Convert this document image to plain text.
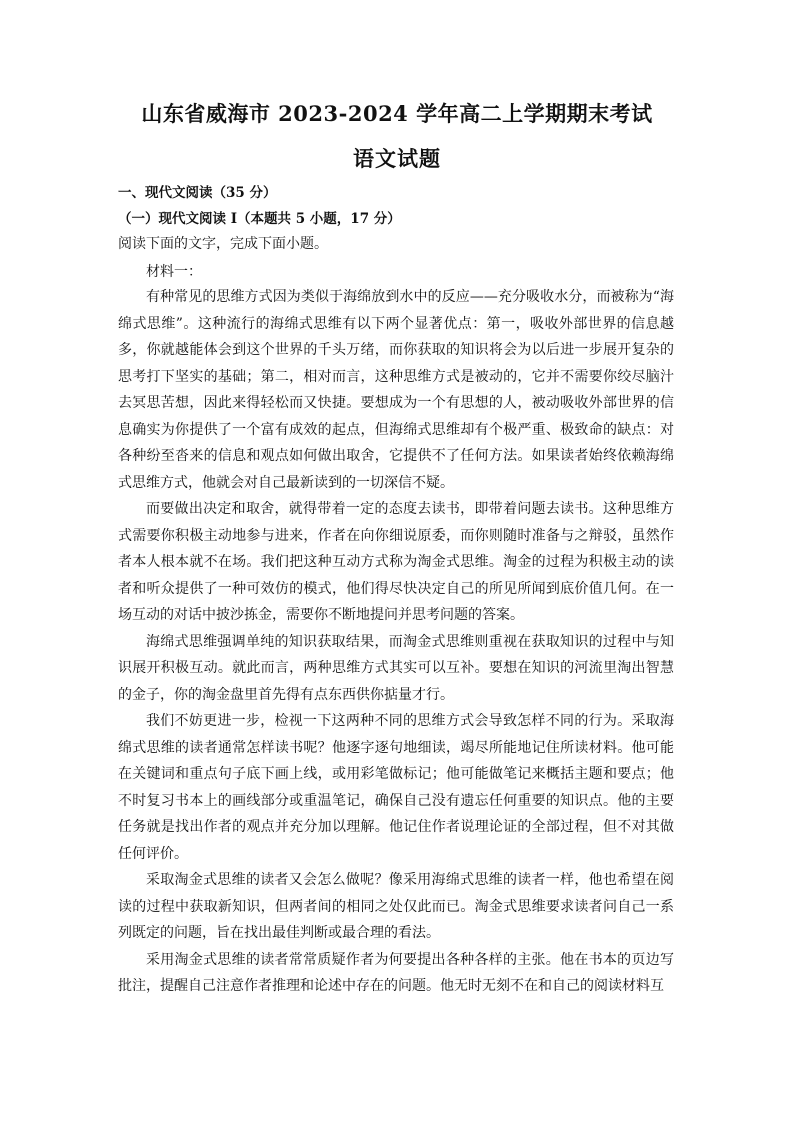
山东省威海市 2023-2024 学年高二上学期期末考试
语文试题
一、现代文阅读（35 分）
（一）现代文阅读 I（本题共 5 小题，17 分）
阅读下面的文字，完成下面小题。
材料一：

有种常见的思维方式因为类似于海绵放到水中的反应——充分吸收水分，而被称为“海绵式思维”。这种流行的海绵式思维有以下两个显著优点：第一，吸收外部世界的信息越多，你就越能体会到这个世界的千头万绪，而你获取的知识将会为以后进一步展开复杂的思考打下坚实的基础；第二，相对而言，这种思维方式是被动的，它并不需要你绞尽脑汁去冥思苦想，因此来得轻松而又快捷。要想成为一个有思想的人，被动吸收外部世界的信息确实为你提供了一个富有成效的起点，但海绵式思维却有个极严重、极致命的缺点：对各种纷至沓来的信息和观点如何做出取舍，它提供不了任何方法。如果读者始终依赖海绵式思维方式，他就会对自己最新读到的一切深信不疑。

而要做出决定和取舍，就得带着一定的态度去读书，即带着问题去读书。这种思维方式需要你积极主动地参与进来，作者在向你细说原委，而你则随时准备与之辩驳，虽然作者本人根本就不在场。我们把这种互动方式称为淘金式思维。淘金的过程为积极主动的读者和听众提供了一种可效仿的模式，他们得尽快决定自己的所见所闻到底价值几何。在一场互动的对话中披沙拣金，需要你不断地提问并思考问题的答案。

海绵式思维强调单纯的知识获取结果，而淘金式思维则重视在获取知识的过程中与知识展开积极互动。就此而言，两种思维方式其实可以互补。要想在知识的河流里淘出智慧的金子，你的淘金盘里首先得有点东西供你掂量才行。

我们不妨更进一步，检视一下这两种不同的思维方式会导致怎样不同的行为。采取海绵式思维的读者通常怎样读书呢？他逐字逐句地细读，竭尽所能地记住所读材料。他可能在关键词和重点句子底下画上线，或用彩笔做标记；他可能做笔记来概括主题和要点；他不时复习书本上的画线部分或重温笔记，确保自己没有遗忘任何重要的知识点。他的主要任务就是找出作者的观点并充分加以理解。他记住作者说理论证的全部过程，但不对其做任何评价。

采取淘金式思维的读者又会怎么做呢？像采用海绵式思维的读者一样，他也希望在阅读的过程中获取新知识，但两者间的相同之处仅此而已。淘金式思维要求读者问自己一系列既定的问题，旨在找出最佳判断或最合理的看法。

采用淘金式思维的读者常常质疑作者为何要提出各种各样的主张。他在书本的页边写批注，提醒自己注意作者推理和论述中存在的问题。他无时无刻不在和自己的阅读材料互
